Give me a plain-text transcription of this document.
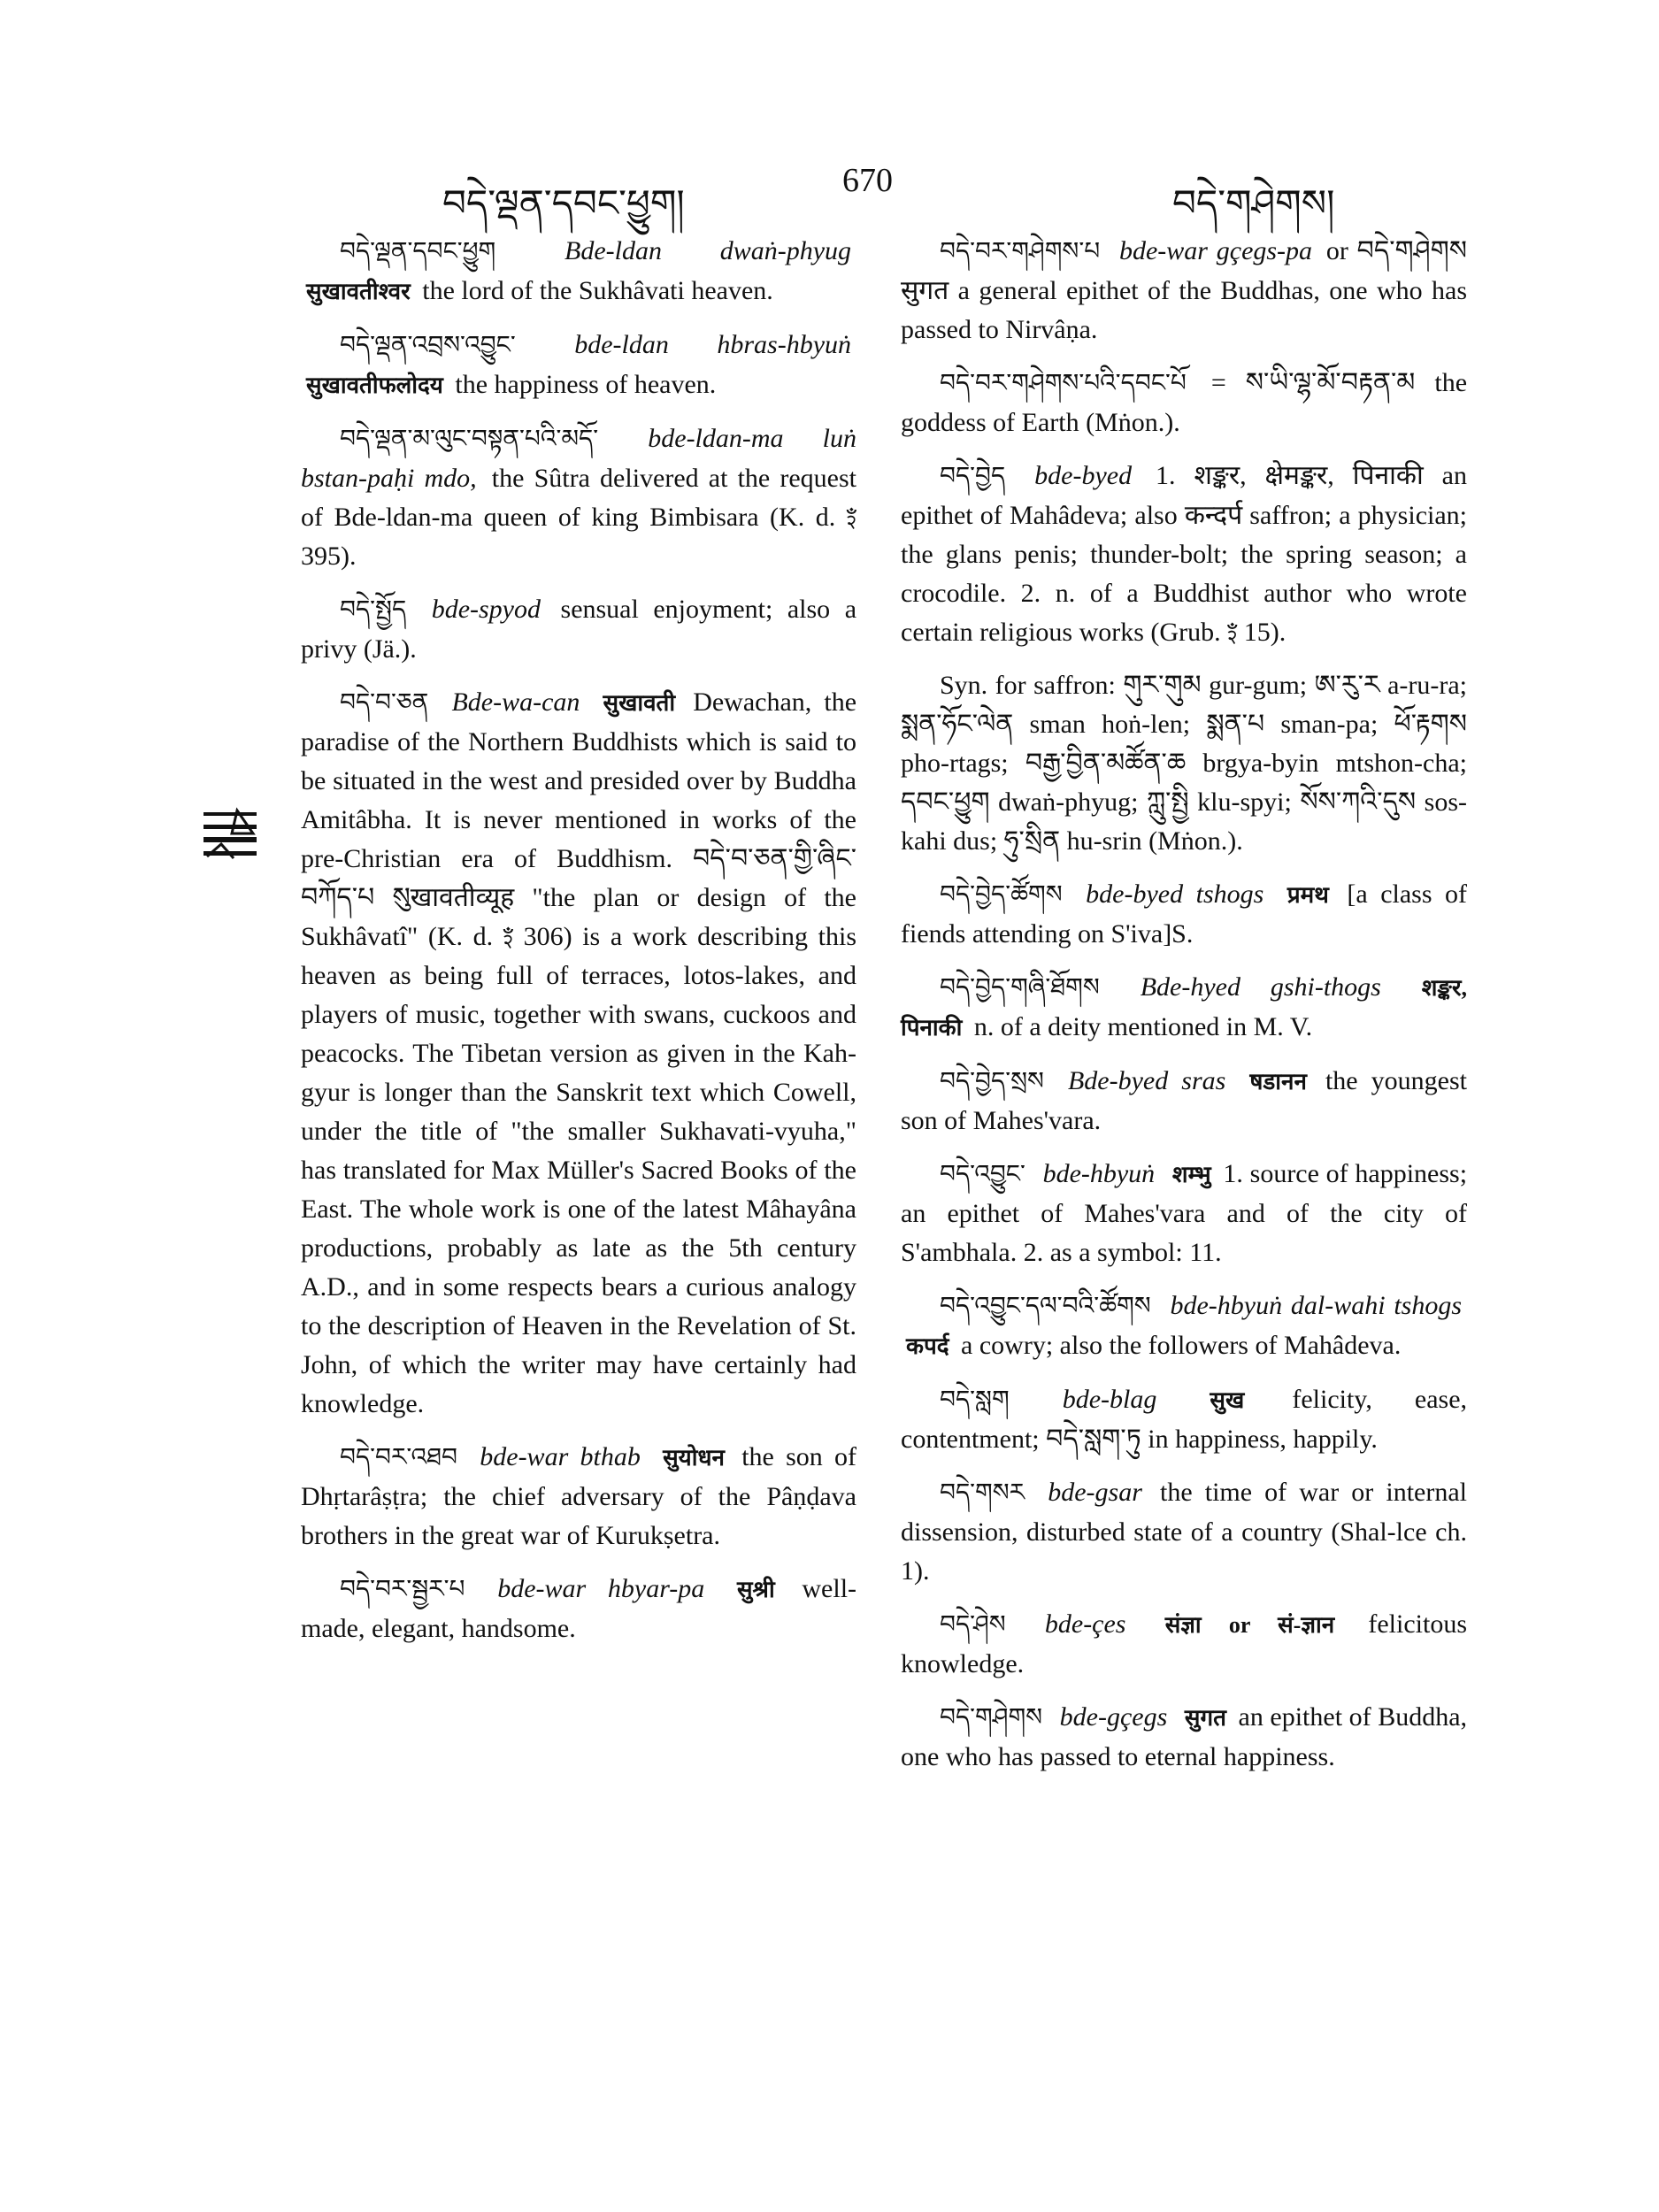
བདེ་ལྡན་དབང་ཕྱུག།
670
བདེ་གཤེགས།

བདེ་ལྡན་དབང་ཕྱུག	Bde-ldan dwaṅ-phyug सुखावतीश्वर the lord of the Sukhâvati heaven.

བདེ་ལྡན་འབྲས་འབྱུང་ bde-ldan hbras-hbyuṅ सुखावतीफलोदय the happiness of heaven.

བདེ་ལྡན་མ་ལུང་བསྟན་པའི་མདོ་ bde-ldan-ma luṅ bstan-paḥi mdo, the Sûtra delivered at the request of Bde-ldan-ma queen of king Bimbisara (K. d. ꣵ 395).

བདེ་སྤྱོད bde-spyod sensual enjoyment; also a privy (Jä.).

བདེ་བ་ཅན Bde-wa-can सुखावती Dewachan, the paradise of the Northern Buddhists which is said to be situated in the west and presided over by Buddha Amitâbha. It is never mentioned in works of the pre-Christian era of Buddhism. བདེ་བ་ཅན་གྱི་ཞིང་བཀོད་པ སུखावतीव्यूह "the plan or design of the Sukhâvatî" (K. d. ꣵ 306) is a work describing this heaven as being full of terraces, lotos-lakes, and players of music, together with swans, cuckoos and peacocks. The Tibetan version as given in the Kah-gyur is longer than the Sanskrit text which Cowell, under the title of "the smaller Sukhavati-vyuha," has translated for Max Müller's Sacred Books of the East. The whole work is one of the latest Mâhayâna productions, probably as late as the 5th century A.D., and in some respects bears a curious analogy to the description of Heaven in the Revelation of St. John, of which the writer may have certainly had knowledge.

བདེ་བར་འཐབ bde-war bthab सुयोधन the son of Dhṛtarâṣṭra; the chief adversary of the Pâṇḍava brothers in the great war of Kurukṣetra.

བདེ་བར་སྦྱར་པ bde-war hbyar-pa सुश्री well-made, elegant, handsome.

བདེ་བར་གཤེགས་པ bde-war gçegs-pa or བདེ་གཤེགས सुगत a general epithet of the Buddhas, one who has passed to Nirvâṇa.

བདེ་བར་གཤེགས་པའི་དབང་པོ = ས་ཡི་ལྷ་མོ་བརྟན་མ the goddess of Earth (Mṅon.).

བདེ་བྱེད bde-byed 1. शङ्कर, क्षेमङ्कर, पिनाकी an epithet of Mahâdeva; also कन्दर्प saffron; a physician; the glans penis; thunder-bolt; the spring season; a crocodile. 2. n. of a Buddhist author who wrote certain religious works (Grub. ꣵ 15).

Syn. for saffron: གུར་གུམ gur-gum; ཨ་རུ་ར a-ru-ra; སྨན་ཧོང་ལེན sman hoṅ-len; སྨན་པ sman-pa; ཕོ་རྟགས pho-rtags; བརྒྱ་བྱིན་མཚོན་ཆ brgya-byin mtshon-cha; དབང་ཕྱུག dwaṅ-phyug; ཀླུ་སྤྱི klu-spyi; སོས་ཀའི་དུས sos-kahi dus; ཧུ་སྲིན hu-srin (Mṅon.).

བདེ་བྱེད་ཚོགས bde-byed tshogs प्रमथ [a class of fiends attending on S'iva]S.

བདེ་བྱེད་གཞི་ཐོགས Bde-hyed gshi-thogs शङ्कर, पिनाकी n. of a deity mentioned in M. V.

བདེ་བྱེད་སྲས Bde-byed sras षडानन the youngest son of Mahes'vara.

བདེ་འབྱུང་ bde-hbyuṅ शम्भु 1. source of happiness; an epithet of Mahes'vara and of the city of S'ambhala. 2. as a symbol: 11.

བདེ་འབྱུང་དལ་བའི་ཚོགས bde-hbyuṅ dal-wahi tshogs कपर्द a cowry; also the followers of Mahâdeva.

བདེ་སླག bde-blag सुख felicity, ease, contentment; བདེ་སླག་ཏུ in happiness, happily.

བདེ་གསར bde-gsar the time of war or internal dissension, disturbed state of a country (Shal-lce ch. 1).

བདེ་ཤེས bde-çes संज्ञा or सं-ज्ञान felicitous knowledge.

བདེ་གཤེགས bde-gçegs सुगत an epithet of Buddha, one who has passed to eternal happiness.
